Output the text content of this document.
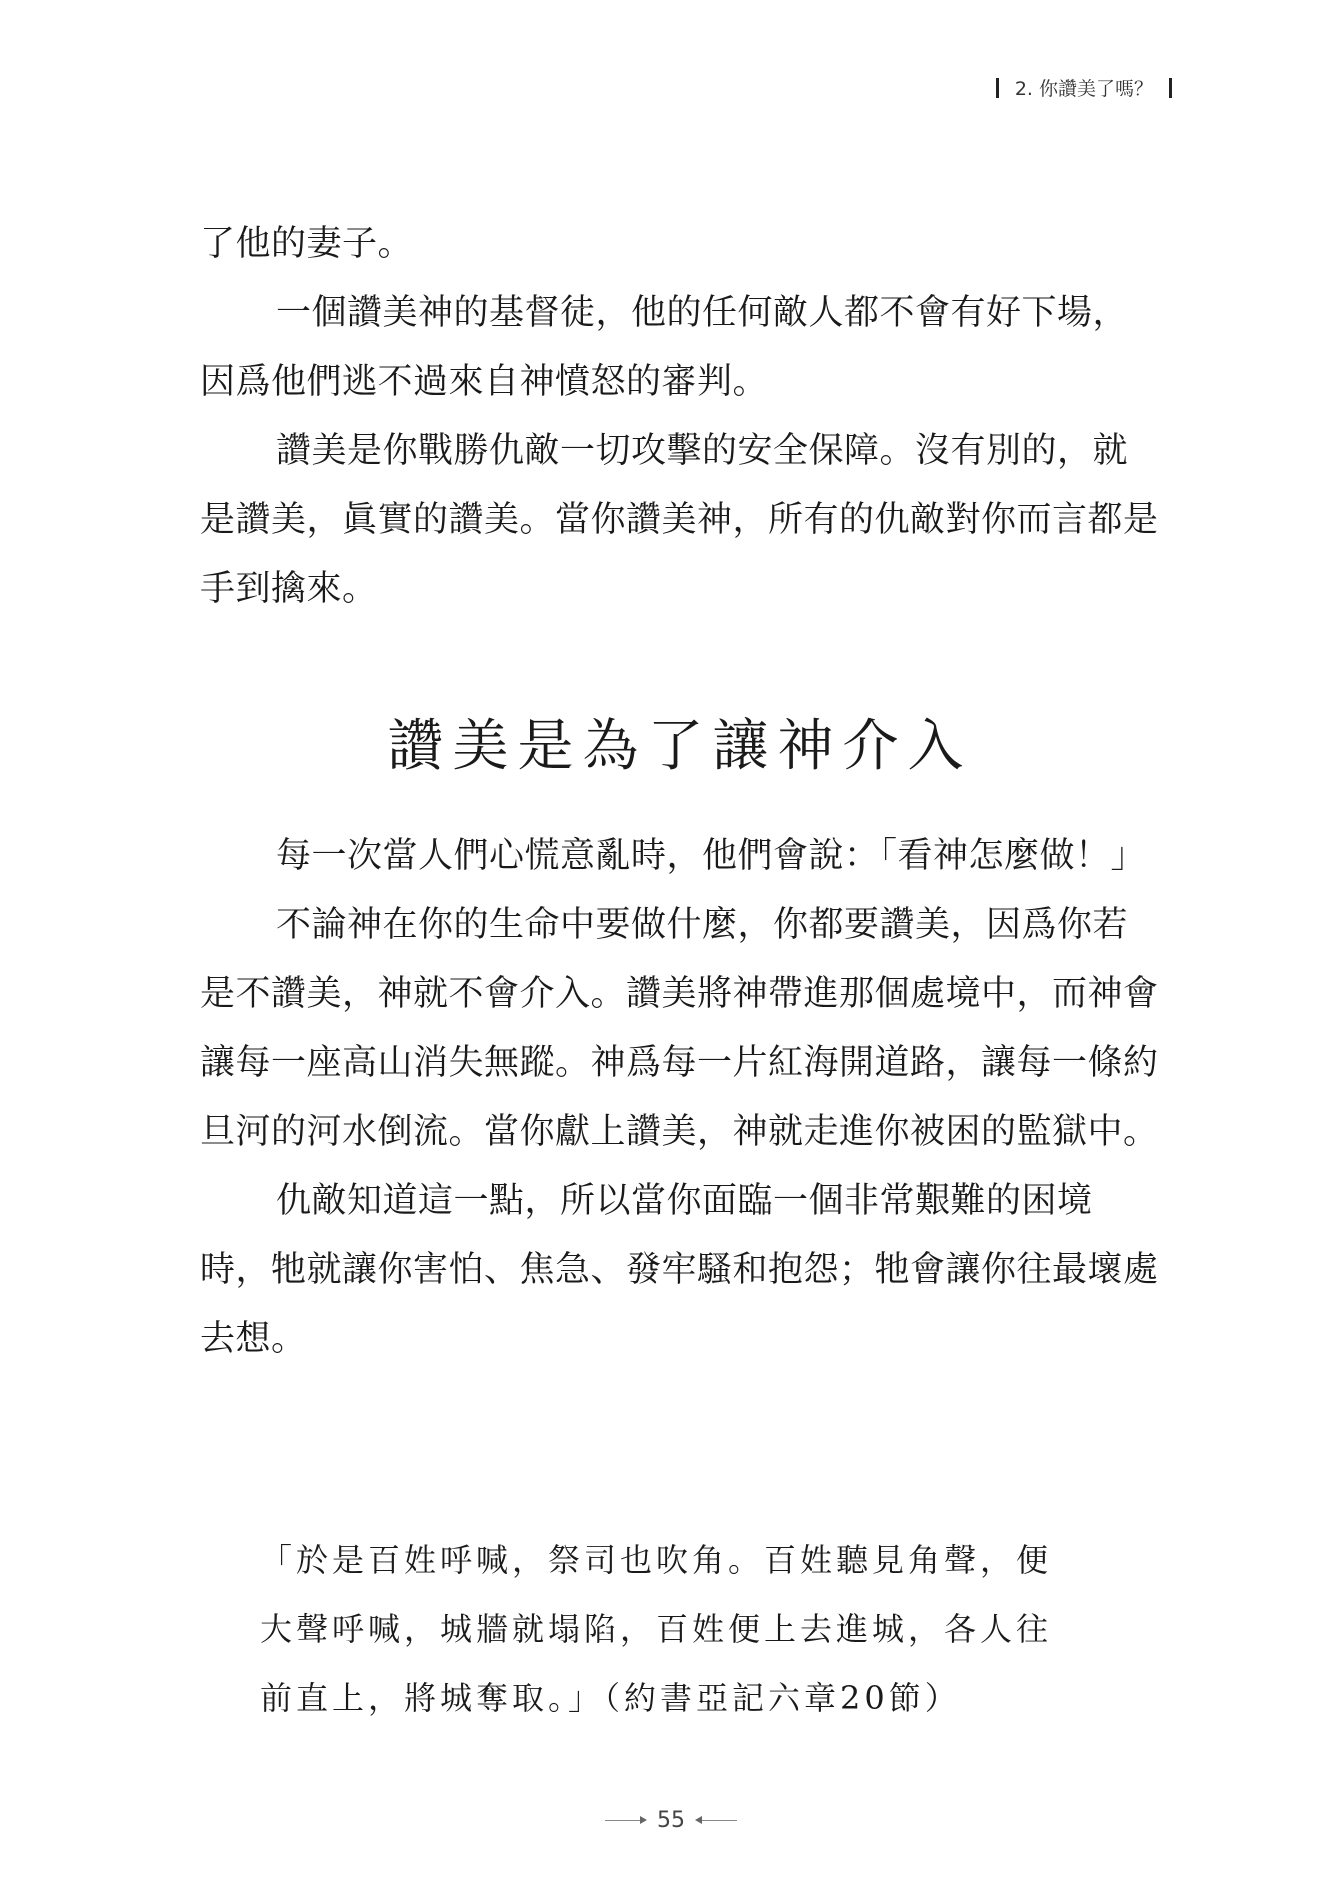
2. 你讚美了嗎？

了他的妻子。

一個讚美神的基督徒，他的任何敵人都不會有好下場，因爲他們逃不過來自神憤怒的審判。

讚美是你戰勝仇敵一切攻擊的安全保障。沒有別的，就是讚美，眞實的讚美。當你讚美神，所有的仇敵對你而言都是手到擒來。

讚美是為了讓神介入

每一次當人們心慌意亂時，他們會說：「看神怎麼做！」

不論神在你的生命中要做什麼，你都要讚美，因爲你若是不讚美，神就不會介入。讚美將神帶進那個處境中，而神會讓每一座高山消失無蹤。神爲每一片紅海開道路，讓每一條約旦河的河水倒流。當你獻上讚美，神就走進你被困的監獄中。

仇敵知道這一點，所以當你面臨一個非常艱難的困境時，牠就讓你害怕、焦急、發牢騷和抱怨；牠會讓你往最壞處去想。

「於是百姓呼喊，祭司也吹角。百姓聽見角聲，便

大聲呼喊，城牆就塌陷，百姓便上去進城，各人往

前直上，將城奪取。」（約書亞記六章20節）

55
